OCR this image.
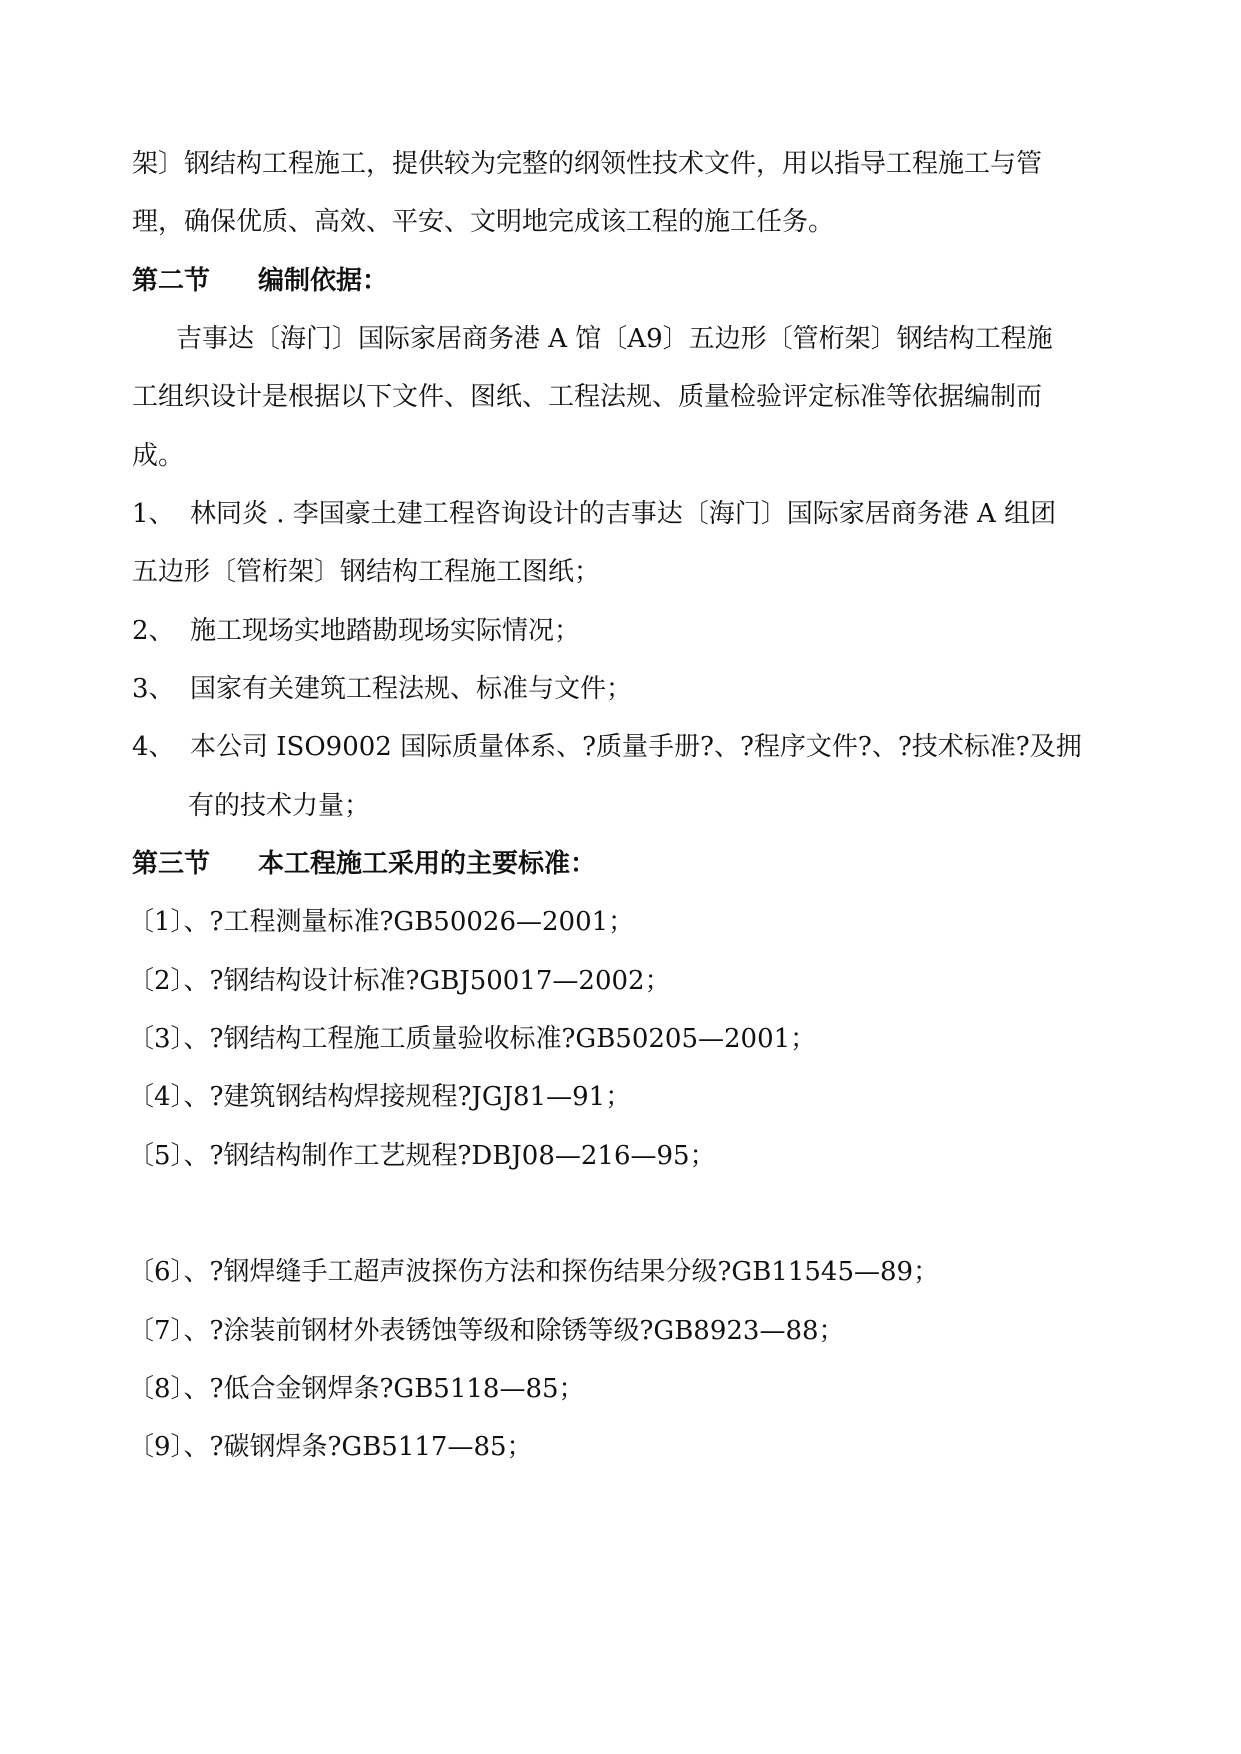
架〕钢结构工程施工，提供较为完整的纲领性技术文件，用以指导工程施工与管
理，确保优质、高效、平安、文明地完成该工程的施工任务。
第二节 编制依据：
吉事达〔海门〕国际家居商务港 A 馆〔A9〕五边形〔管桁架〕钢结构工程施
工组织设计是根据以下文件、图纸、工程法规、质量检验评定标准等依据编制而
成。
1、 林同炎 . 李国豪土建工程咨询设计的吉事达〔海门〕国际家居商务港 A 组团
五边形〔管桁架〕钢结构工程施工图纸；
2、 施工现场实地踏勘现场实际情况；
3、 国家有关建筑工程法规、标准与文件；
4、 本公司 ISO9002 国际质量体系、?质量手册?、?程序文件?、?技术标准?及拥
有的技术力量；
第三节 本工程施工采用的主要标准：
〔1〕、?工程测量标准?GB50026—2001；
〔2〕、?钢结构设计标准?GBJ50017—2002；
〔3〕、?钢结构工程施工质量验收标准?GB50205—2001；
〔4〕、?建筑钢结构焊接规程?JGJ81—91；
〔5〕、?钢结构制作工艺规程?DBJ08—216—95；
〔6〕、?钢焊缝手工超声波探伤方法和探伤结果分级?GB11545—89；
〔7〕、?涂装前钢材外表锈蚀等级和除锈等级?GB8923—88；
〔8〕、?低合金钢焊条?GB5118—85；
〔9〕、?碳钢焊条?GB5117—85；
